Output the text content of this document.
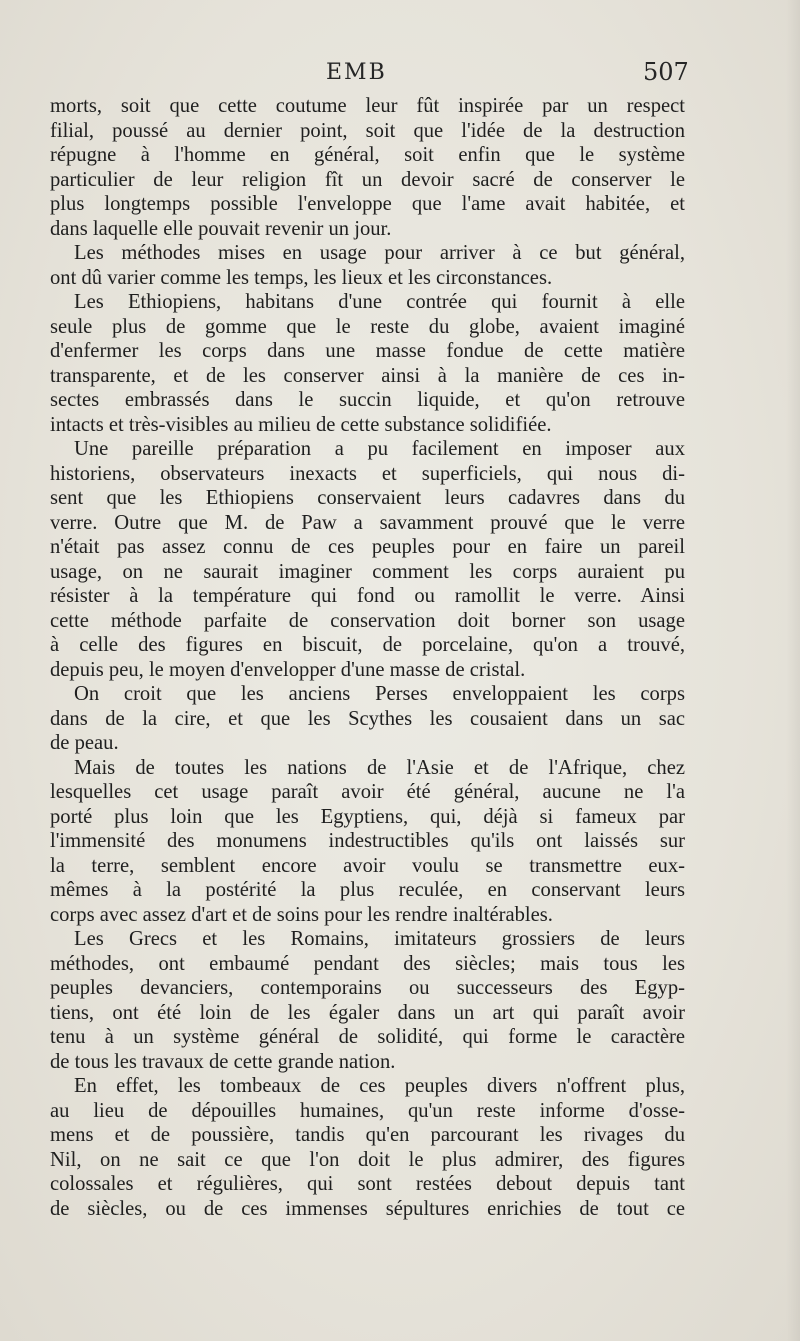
EMB	507
morts, soit que cette coutume leur fût inspirée par un respect
filial, poussé au dernier point, soit que l'idée de la destruction
répugne à l'homme en général, soit enfin que le système
particulier de leur religion fît un devoir sacré de conserver le
plus longtemps possible l'enveloppe que l'ame avait habitée, et
dans laquelle elle pouvait revenir un jour.
Les méthodes mises en usage pour arriver à ce but général,
ont dû varier comme les temps, les lieux et les circonstances.
Les Ethiopiens, habitans d'une contrée qui fournit à elle
seule plus de gomme que le reste du globe, avaient imaginé
d'enfermer les corps dans une masse fondue de cette matière
transparente, et de les conserver ainsi à la manière de ces in-
sectes embrassés dans le succin liquide, et qu'on retrouve
intacts et très-visibles au milieu de cette substance solidifiée.
Une pareille préparation a pu facilement en imposer aux
historiens, observateurs inexacts et superficiels, qui nous di-
sent que les Ethiopiens conservaient leurs cadavres dans du
verre. Outre que M. de Paw a savamment prouvé que le verre
n'était pas assez connu de ces peuples pour en faire un pareil
usage, on ne saurait imaginer comment les corps auraient pu
résister à la température qui fond ou ramollit le verre. Ainsi
cette méthode parfaite de conservation doit borner son usage
à celle des figures en biscuit, de porcelaine, qu'on a trouvé,
depuis peu, le moyen d'envelopper d'une masse de cristal.
On croit que les anciens Perses enveloppaient les corps
dans de la cire, et que les Scythes les cousaient dans un sac
de peau.
Mais de toutes les nations de l'Asie et de l'Afrique, chez
lesquelles cet usage paraît avoir été général, aucune ne l'a
porté plus loin que les Egyptiens, qui, déjà si fameux par
l'immensité des monumens indestructibles qu'ils ont laissés sur
la terre, semblent encore avoir voulu se transmettre eux-
mêmes à la postérité la plus reculée, en conservant leurs
corps avec assez d'art et de soins pour les rendre inaltérables.
Les Grecs et les Romains, imitateurs grossiers de leurs
méthodes, ont embaumé pendant des siècles; mais tous les
peuples devanciers, contemporains ou successeurs des Egyp-
tiens, ont été loin de les égaler dans un art qui paraît avoir
tenu à un système général de solidité, qui forme le caractère
de tous les travaux de cette grande nation.
En effet, les tombeaux de ces peuples divers n'offrent plus,
au lieu de dépouilles humaines, qu'un reste informe d'osse-
mens et de poussière, tandis qu'en parcourant les rivages du
Nil, on ne sait ce que l'on doit le plus admirer, des figures
colossales et régulières, qui sont restées debout depuis tant
de siècles, ou de ces immenses sépultures enrichies de tout ce
